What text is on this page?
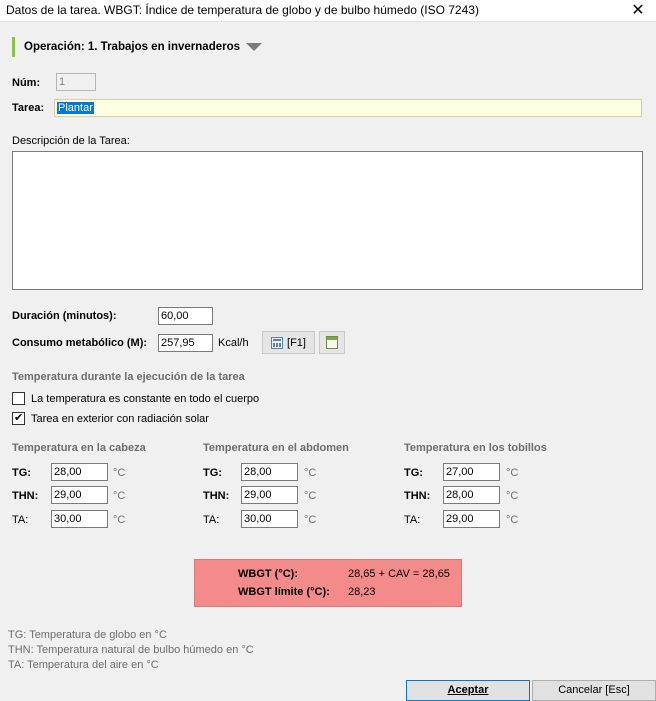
Datos de la tarea. WBGT: Índice de temperatura de globo y de bulbo húmedo (ISO 7243)	✕
Operación: 1. Trabajos en invernaderos
Núm: 1
Tarea:	Plantar
Descripción de la Tarea:
Duración (minutos):	60,00
Consumo metabólico (M): 257,95	Kcal/h	[F1]
Temperatura durante la ejecución de la tarea
La temperatura es constante en todo el cuerpo
✔
Tarea en exterior con radiación solar
Temperatura en la cabeza
TG: 28,00	°C
THN: 29,00	°C
TA: 30,00	°C
Temperatura en el abdomen
TG: 28,00	°C
THN: 29,00	°C
TA: 30,00	°C
Temperatura en los tobillos
TG: 27,00	°C
THN: 28,00	°C
TA: 29,00	°C
WBGT (°C):	28,65 + CAV = 28,65
WBGT límite (°C): 28,23
TG: Temperatura de globo en °C
THN: Temperatura natural de bulbo húmedo en °C
TA: Temperatura del aire en °C
Aceptar	Cancelar [Esc]
